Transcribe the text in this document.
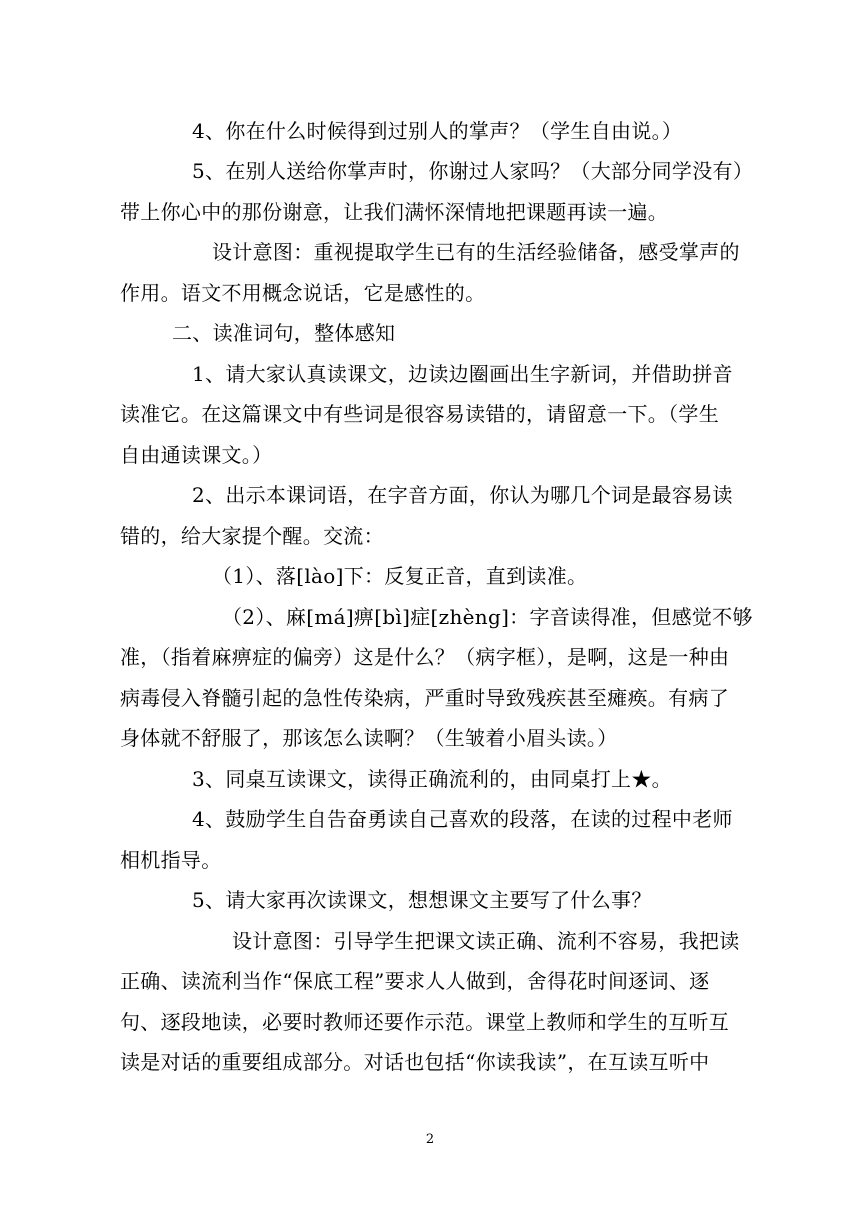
4、你在什么时候得到过别人的掌声？（学生自由说。）
5、在别人送给你掌声时，你谢过人家吗？（大部分同学没有）
带上你心中的那份谢意，让我们满怀深情地把课题再读一遍。
设计意图：重视提取学生已有的生活经验储备，感受掌声的
作用。语文不用概念说话，它是感性的。
二、读准词句，整体感知
1、请大家认真读课文，边读边圈画出生字新词，并借助拼音
读准它。在这篇课文中有些词是很容易读错的，请留意一下。（学生
自由通读课文。）
2、出示本课词语，在字音方面，你认为哪几个词是最容易读
错的，给大家提个醒。交流：
（1）、落[lào]下：反复正音，直到读准。
（2）、麻[má]痹[bì]症[zhèng]：字音读得准，但感觉不够
准，（指着麻痹症的偏旁）这是什么？（病字框），是啊，这是一种由
病毒侵入脊髓引起的急性传染病，严重时导致残疾甚至瘫痪。有病了
身体就不舒服了，那该怎么读啊？（生皱着小眉头读。）
3、同桌互读课文，读得正确流利的，由同桌打上★。
4、鼓励学生自告奋勇读自己喜欢的段落，在读的过程中老师
相机指导。
5、请大家再次读课文，想想课文主要写了什么事？
设计意图：引导学生把课文读正确、流利不容易，我把读
正确、读流利当作“保底工程”要求人人做到，舍得花时间逐词、逐
句、逐段地读，必要时教师还要作示范。课堂上教师和学生的互听互
读是对话的重要组成部分。对话也包括“你读我读”，在互读互听中
2
